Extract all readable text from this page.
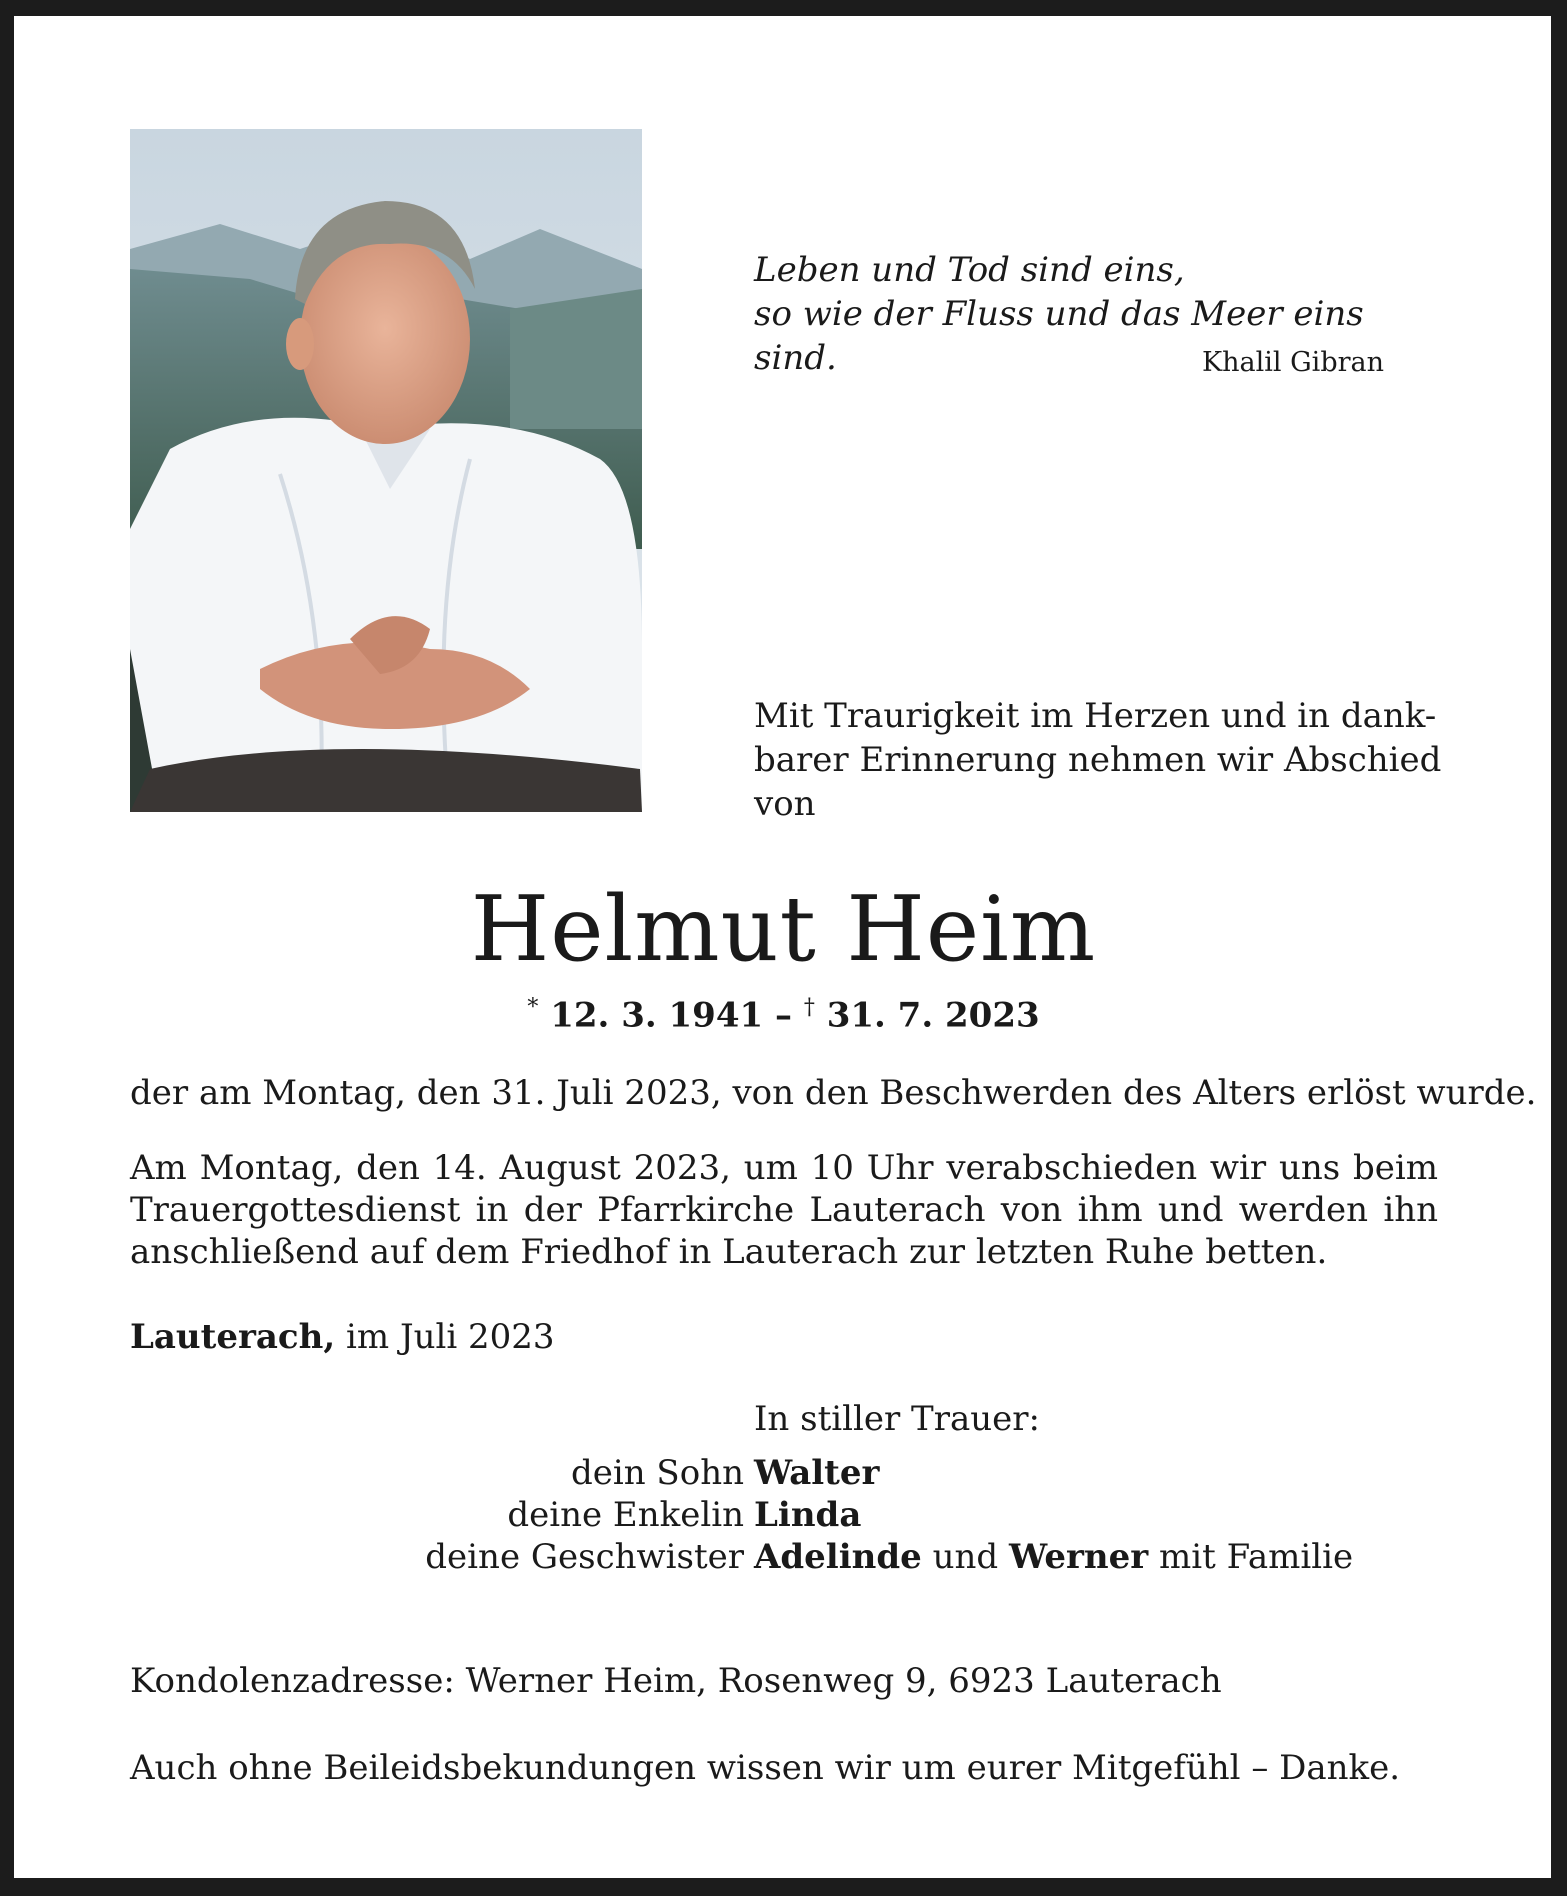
Leben und Tod sind eins,
so wie der Fluss und das Meer eins sind.	Khalil Gibran
Mit Traurigkeit im Herzen und in dank-
barer Erinnerung nehmen wir Abschied
von
Helmut Heim
* 12. 3. 1941 – † 31. 7. 2023
der am Montag, den 31. Juli 2023, von den Beschwerden des Alters erlöst wurde.
Am Montag, den 14. August 2023, um 10 Uhr verabschieden wir uns beim Trauergottesdienst in der Pfarrkirche Lauterach von ihm und werden ihn anschließend auf dem Friedhof in Lauterach zur letzten Ruhe betten.
Lauterach, im Juli 2023
In stiller Trauer:
dein Sohn Walter
deine Enkelin Linda
deine Geschwister Adelinde und Werner mit Familie
Kondolenzadresse: Werner Heim, Rosenweg 9, 6923 Lauterach
Auch ohne Beileidsbekundungen wissen wir um eurer Mitgefühl – Danke.
